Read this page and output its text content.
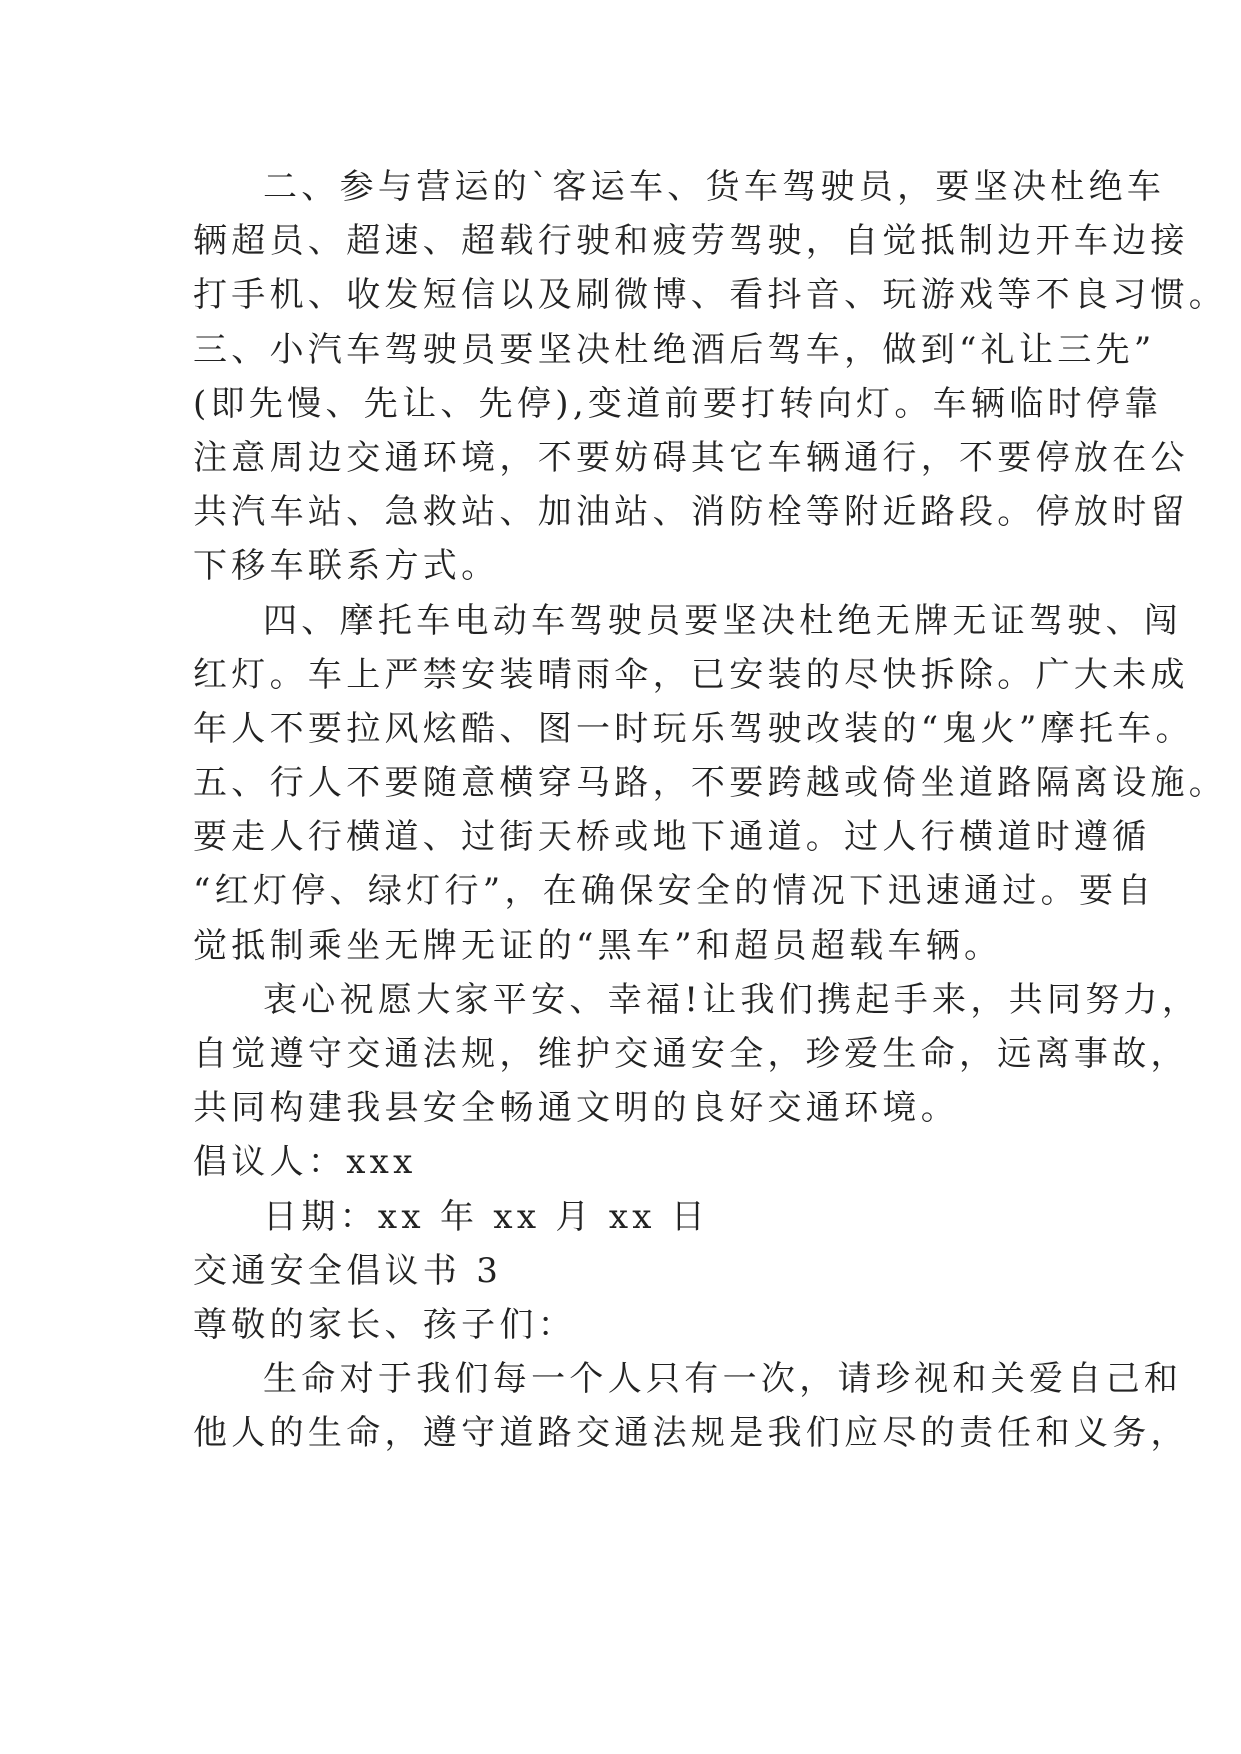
二、参与营运的`客运车、货车驾驶员，要坚决杜绝车
辆超员、超速、超载行驶和疲劳驾驶，自觉抵制边开车边接
打手机、收发短信以及刷微博、看抖音、玩游戏等不良习惯。
三、小汽车驾驶员要坚决杜绝酒后驾车，做到“礼让三先”
(即先慢、先让、先停),变道前要打转向灯。车辆临时停靠
注意周边交通环境，不要妨碍其它车辆通行，不要停放在公
共汽车站、急救站、加油站、消防栓等附近路段。停放时留
下移车联系方式。
四、摩托车电动车驾驶员要坚决杜绝无牌无证驾驶、闯
红灯。车上严禁安装晴雨伞，已安装的尽快拆除。广大未成
年人不要拉风炫酷、图一时玩乐驾驶改装的“鬼火”摩托车。
五、行人不要随意横穿马路，不要跨越或倚坐道路隔离设施。
要走人行横道、过街天桥或地下通道。过人行横道时遵循
“红灯停、绿灯行”，在确保安全的情况下迅速通过。要自
觉抵制乘坐无牌无证的“黑车”和超员超载车辆。
衷心祝愿大家平安、幸福!让我们携起手来，共同努力，
自觉遵守交通法规，维护交通安全，珍爱生命，远离事故，
共同构建我县安全畅通文明的良好交通环境。
倡议人：xxx
日期：xx 年 xx 月 xx 日
交通安全倡议书 3
尊敬的家长、孩子们：
生命对于我们每一个人只有一次，请珍视和关爱自己和
他人的生命，遵守道路交通法规是我们应尽的责任和义务，
